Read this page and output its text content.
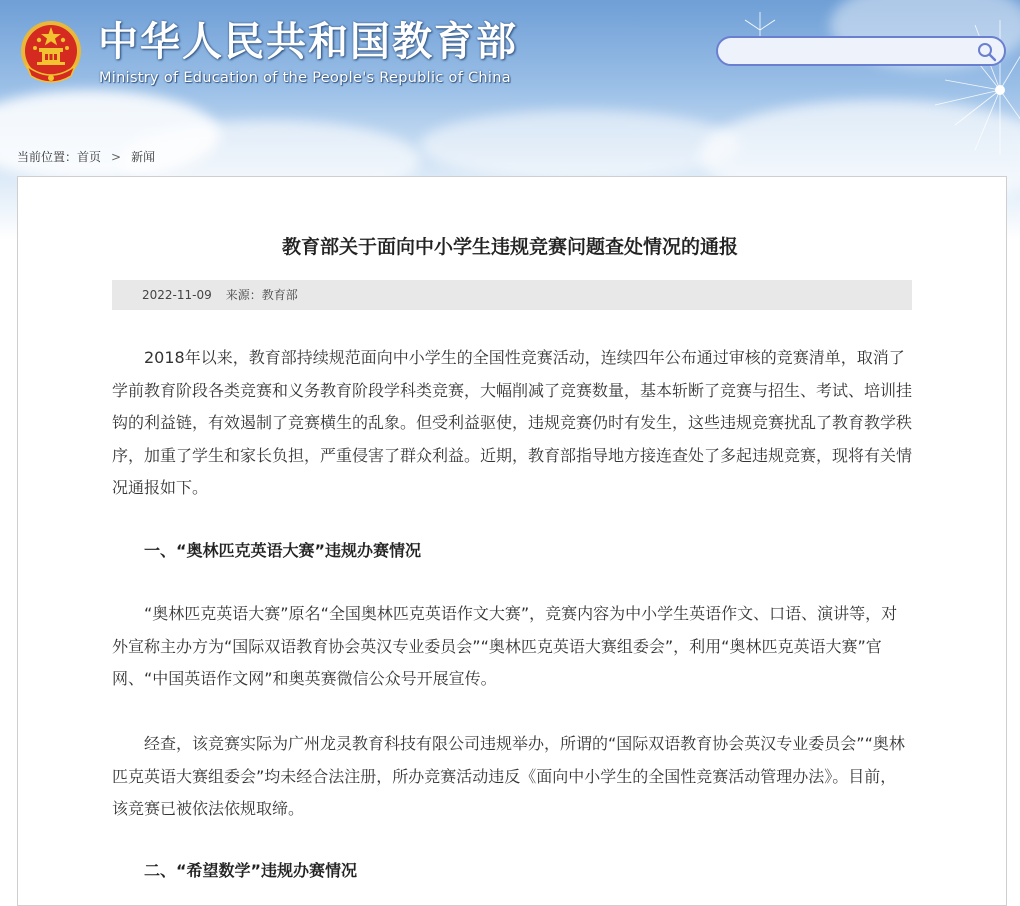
中华人民共和国教育部
Ministry of Education of the People's Republic of China
当前位置： 首页 > 新闻
教育部关于面向中小学生违规竞赛问题查处情况的通报
2022-11-09 来源：教育部

2018年以来，教育部持续规范面向中小学生的全国性竞赛活动，连续四年公布通过审核的竞赛清单，取消了学前教育阶段各类竞赛和义务教育阶段学科类竞赛，大幅削减了竞赛数量，基本斩断了竞赛与招生、考试、培训挂钩的利益链，有效遏制了竞赛横生的乱象。但受利益驱使，违规竞赛仍时有发生，这些违规竞赛扰乱了教育教学秩序，加重了学生和家长负担，严重侵害了群众利益。近期，教育部指导地方接连查处了多起违规竞赛，现将有关情况通报如下。

一、“奥林匹克英语大赛”违规办赛情况

“奥林匹克英语大赛”原名“全国奥林匹克英语作文大赛”，竞赛内容为中小学生英语作文、口语、演讲等，对外宣称主办方为“国际双语教育协会英汉专业委员会”“奥林匹克英语大赛组委会”，利用“奥林匹克英语大赛”官网、“中国英语作文网”和奥英赛微信公众号开展宣传。

经查，该竞赛实际为广州龙灵教育科技有限公司违规举办，所谓的“国际双语教育协会英汉专业委员会”“奥林匹克英语大赛组委会”均未经合法注册，所办竞赛活动违反《面向中小学生的全国性竞赛活动管理办法》。目前，该竞赛已被依法依规取缔。

二、“希望数学”违规办赛情况
